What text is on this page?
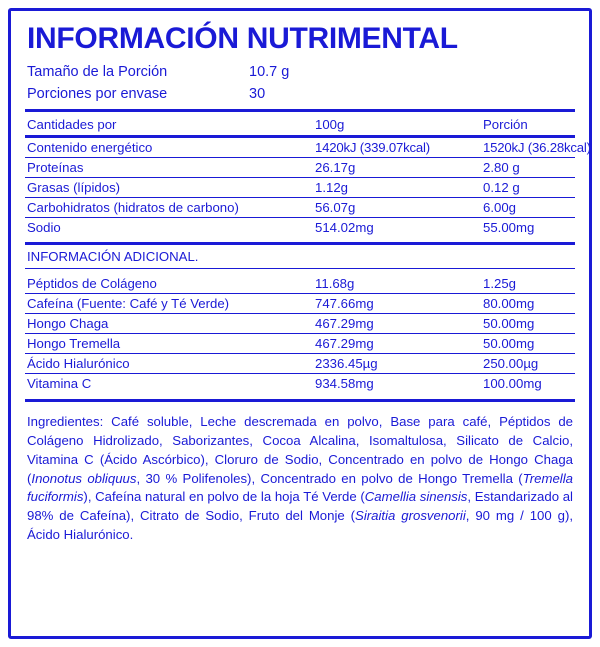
INFORMACIÓN NUTRIMENTAL
Tamaño de la Porción	10.7 g
Porciones por envase	30
Cantidades por	100g	Porción
Contenido energético	1420kJ (339.07kcal)	1520kJ (36.28kcal)
Proteínas	26.17g	2.80 g
Grasas (lípidos)	1.12g	0.12 g
Carbohidratos (hidratos de carbono)	56.07g	6.00g
Sodio	514.02mg	55.00mg

INFORMACIÓN ADICIONAL.		

Péptidos de Colágeno	11.68g	1.25g
Cafeína (Fuente: Café y Té Verde)	747.66mg	80.00mg
Hongo Chaga	467.29mg	50.00mg
Hongo Tremella	467.29mg	50.00mg
Ácido Hialurónico	2336.45µg	250.00µg
Vitamina C	934.58mg	100.00mg
Ingredientes: Café soluble, Leche descremada en polvo, Base para café, Péptidos de Colágeno Hidrolizado, Saborizantes, Cocoa Alcalina, Isomaltulosa, Silicato de Calcio, Vitamina C (Ácido Ascórbico), Cloruro de Sodio, Concentrado en polvo de Hongo Chaga (Inonotus obliquus, 30 % Polifenoles), Concentrado en polvo de Hongo Tremella (Tremella fuciformis), Cafeína natural en polvo de la hoja Té Verde (Camellia sinensis, Estandarizado al 98% de Cafeína), Citrato de Sodio, Fruto del Monje (Siraitia grosvenorii, 90 mg / 100 g), Ácido Hialurónico.
